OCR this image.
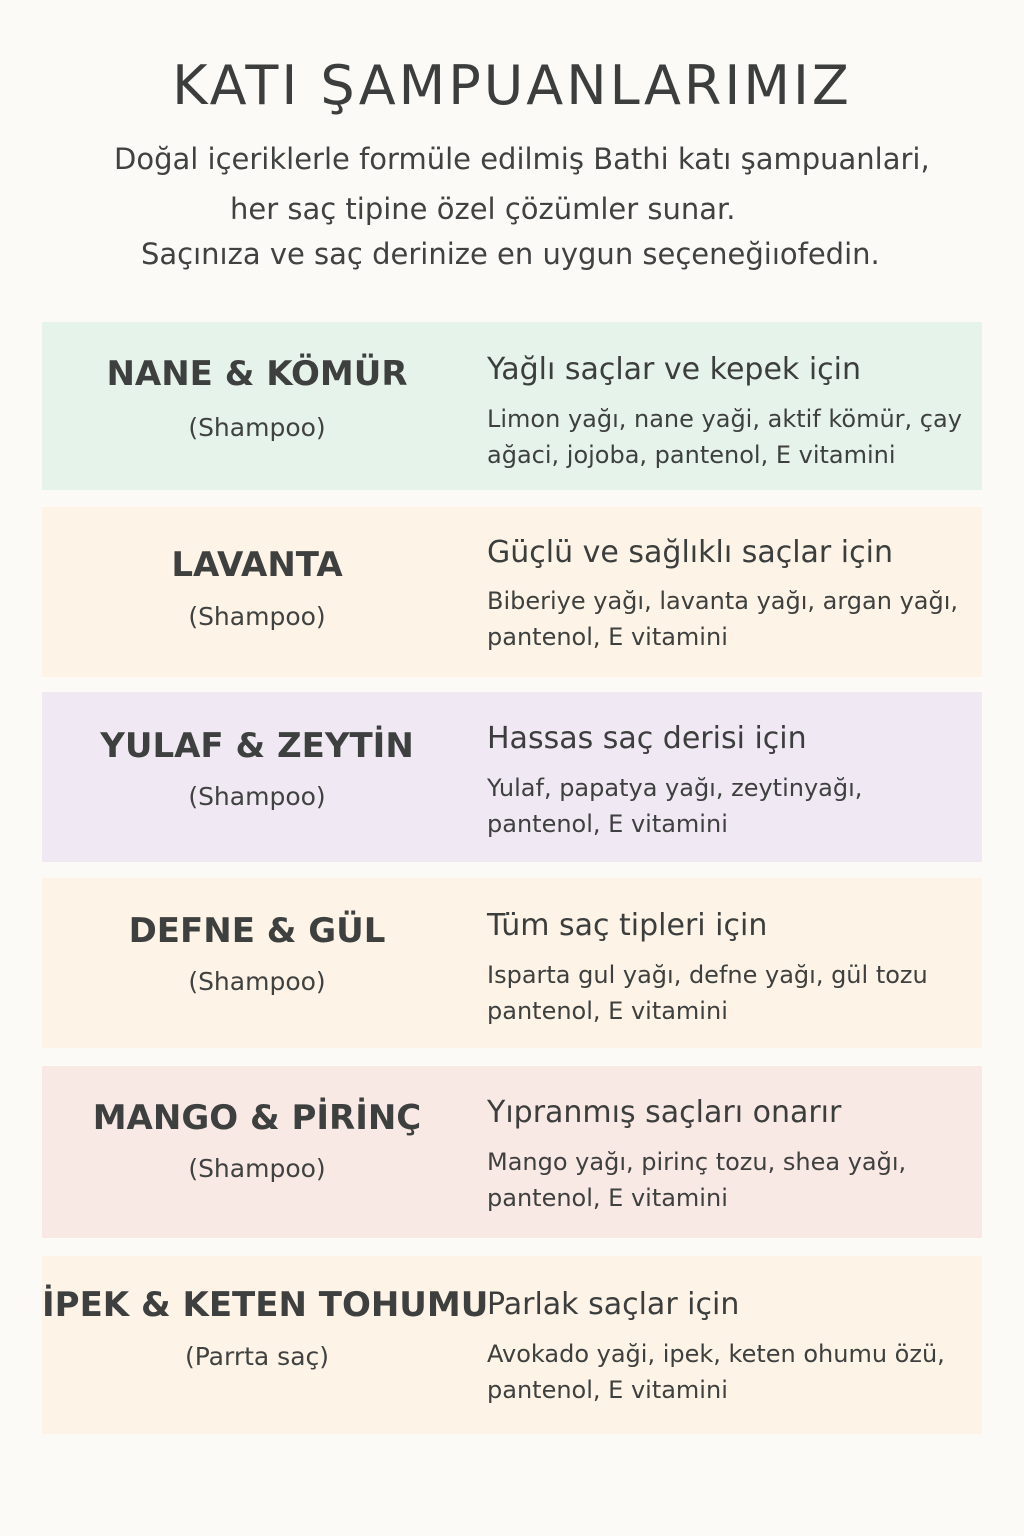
KATI ŞAMPUANLARIMIZ
Doğal içeriklerle formüle edilmiş Bathi katı şampuanlari,
her saç tipine özel çözümler sunar.
Saçınıza ve saç derinize en uygun seçeneğiıofedin.
NANE & KÖMÜR
(Shampoo)
Yağlı saçlar ve kepek için
Limon yağı, nane yaği, aktif kömür, çay ağaci, jojoba, pantenol, E vitamini
LAVANTA
(Shampoo)
Güçlü ve sağlıklı saçlar için
Biberiye yağı, lavanta yağı, argan yağı, pantenol, E vitamini
YULAF & ZEYTİN
(Shampoo)
Hassas saç derisi için
Yulaf, papatya yağı, zeytinyağı, pantenol, E vitamini
DEFNE & GÜL
(Shampoo)
Tüm saç tipleri için
Isparta gul yağı, defne yağı, gül tozu pantenol, E vitamini
MANGO & PİRİNÇ
(Shampoo)
Yıpranmış saçları onarır
Mango yağı, pirinç tozu, shea yağı, pantenol, E vitamini
İPEK & KETEN TOHUMU
(Parrta saç)
Parlak saçlar için
Avokado yaği, ipek, keten ohumu özü, pantenol, E vitamini
